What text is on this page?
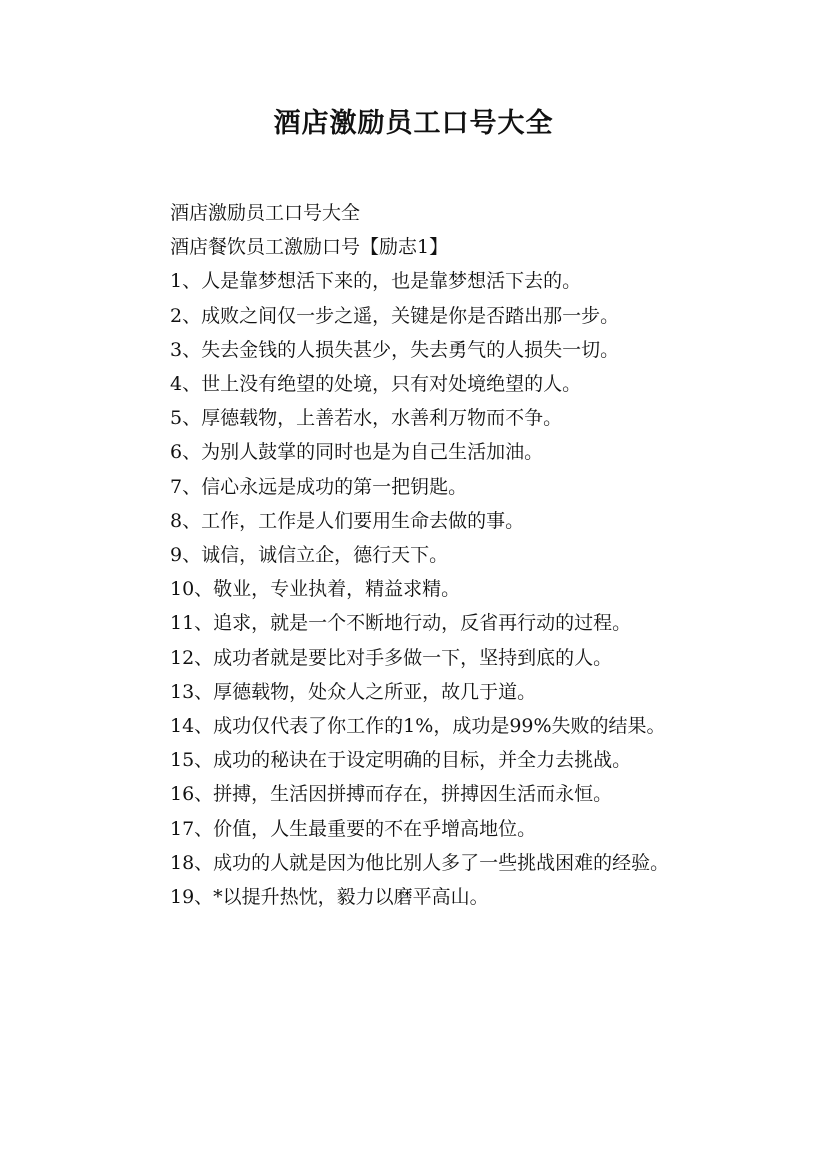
酒店激励员工口号大全

酒店激励员工口号大全

酒店餐饮员工激励口号【励志1】

1、人是靠梦想活下来的，也是靠梦想活下去的。

2、成败之间仅一步之遥，关键是你是否踏出那一步。

3、失去金钱的人损失甚少，失去勇气的人损失一切。

4、世上没有绝望的处境，只有对处境绝望的人。

5、厚德载物，上善若水，水善利万物而不争。

6、为别人鼓掌的同时也是为自己生活加油。

7、信心永远是成功的第一把钥匙。

8、工作，工作是人们要用生命去做的事。

9、诚信，诚信立企，德行天下。

10、敬业，专业执着，精益求精。

11、追求，就是一个不断地行动，反省再行动的过程。

12、成功者就是要比对手多做一下，坚持到底的人。

13、厚德载物，处众人之所亚，故几于道。

14、成功仅代表了你工作的1%，成功是99%失败的结果。

15、成功的秘诀在于设定明确的目标，并全力去挑战。

16、拼搏，生活因拼搏而存在，拼搏因生活而永恒。

17、价值，人生最重要的不在乎增高地位。

18、成功的人就是因为他比别人多了一些挑战困难的经验。

19、*以提升热忱，毅力以磨平高山。
